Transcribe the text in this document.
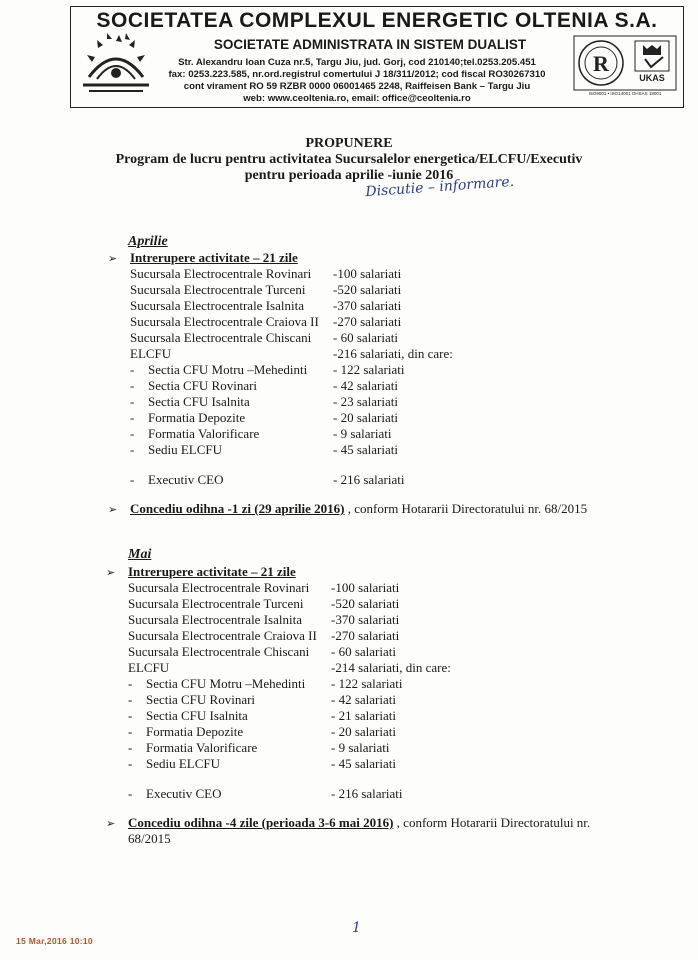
SOCIETATEA COMPLEXUL ENERGETIC OLTENIA S.A.
SOCIETATE ADMINISTRATA IN SISTEM DUALIST
Str. Alexandru Ioan Cuza nr.5, Targu Jiu, jud. Gorj, cod 210140;tel.0253.205.451
fax: 0253.223.585, nr.ord.registrul comertului J 18/311/2012; cod fiscal RO30267310
cont virament RO 59 RZBR 0000 06001465 2248, Raiffeisen Bank – Targu Jiu
web: www.ceoltenia.ro, email: office@ceoltenia.ro
R
UKAS
ISO9001 • ISO14001 OHSAS 18001
PROPUNERE
Program de lucru pentru activitatea Sucursalelor energetica/ELCFU/Executiv
pentru perioada aprilie -iunie 2016
Discutie – informare.
Aprilie
➢ Intrerupere activitate – 21 zile
Sucursala Electrocentrale Rovinari -100 salariati
Sucursala Electrocentrale Turceni -520 salariati
Sucursala Electrocentrale Isalnita -370 salariati
Sucursala Electrocentrale Craiova II -270 salariati
Sucursala Electrocentrale Chiscani - 60 salariati
ELCFU	-216 salariati, din care:
- Sectia CFU Motru –Mehedinti - 122 salariati
- Sectia CFU Rovinari	- 42 salariati
- Sectia CFU Isalnita	- 23 salariati
- Formatia Depozite	- 20 salariati
- Formatia Valorificare	- 9 salariati
- Sediu ELCFU	- 45 salariati
- Executiv CEO	- 216 salariati
➢ Concediu odihna -1 zi (29 aprilie 2016) , conform Hotararii Directoratului nr. 68/2015
Mai
➢ Intrerupere activitate – 21 zile
Sucursala Electrocentrale Rovinari -100 salariati
Sucursala Electrocentrale Turceni -520 salariati
Sucursala Electrocentrale Isalnita -370 salariati
Sucursala Electrocentrale Craiova II -270 salariati
Sucursala Electrocentrale Chiscani - 60 salariati
ELCFU	-214 salariati, din care:
- Sectia CFU Motru –Mehedinti - 122 salariati
- Sectia CFU Rovinari	- 42 salariati
- Sectia CFU Isalnita	- 21 salariati
- Formatia Depozite	- 20 salariati
- Formatia Valorificare	- 9 salariati
- Sediu ELCFU	- 45 salariati
- Executiv CEO	- 216 salariati
➢ Concediu odihna -4 zile (perioada 3-6 mai 2016) , conform Hotararii Directoratului nr.
68/2015
1
15 Mar,2016 10:10
